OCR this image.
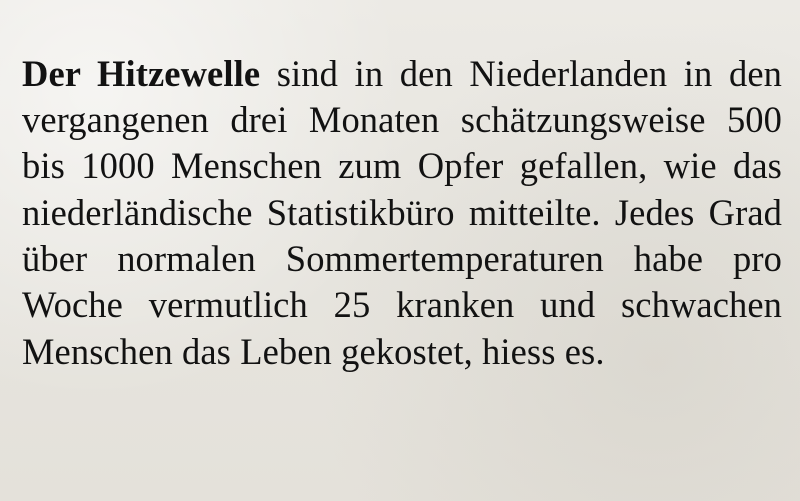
Der Hitzewelle sind in den Niederlanden in den vergangenen drei Monaten schätzungsweise 500 bis 1000 Menschen zum Opfer gefallen, wie das niederländische Statistikbüro mitteilte. Jedes Grad über normalen Sommertemperaturen habe pro Woche vermutlich 25 kranken und schwachen Menschen das Leben gekostet, hiess es.
